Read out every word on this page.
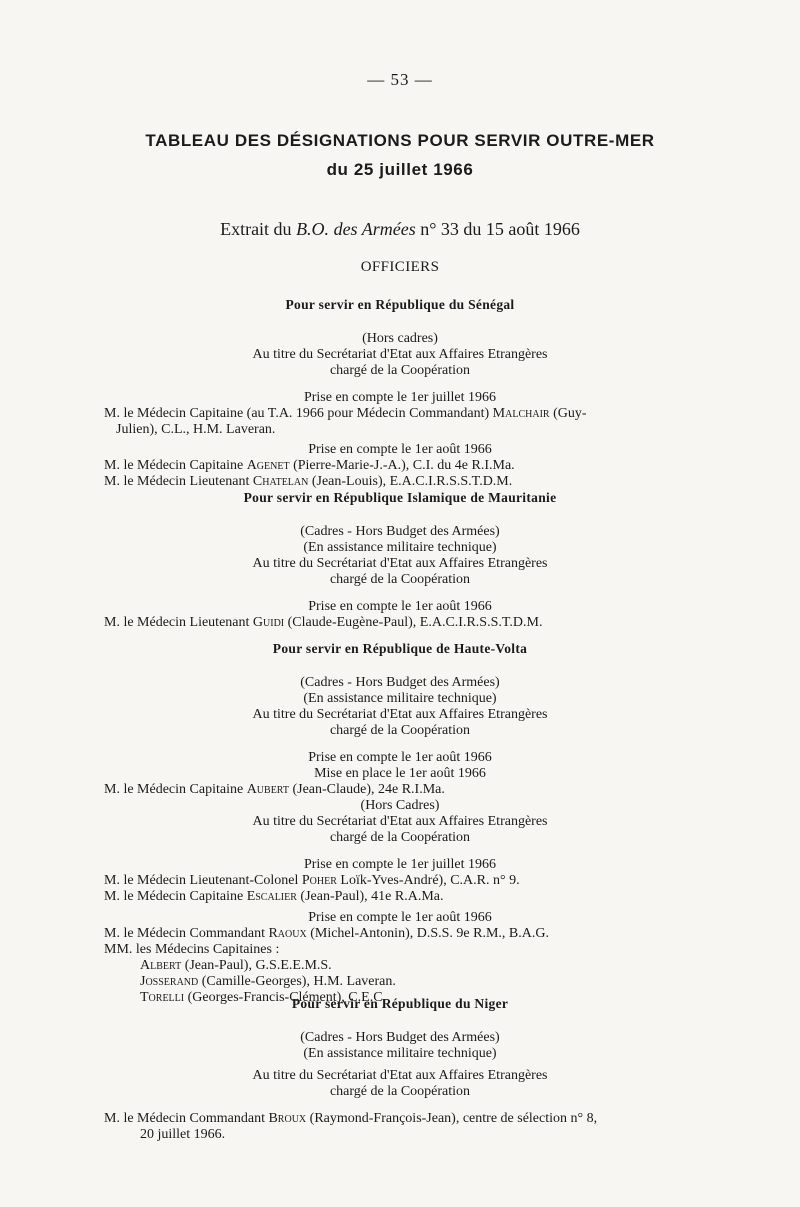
— 53 —
TABLEAU DES DÉSIGNATIONS POUR SERVIR OUTRE-MER
du 25 juillet 1966
Extrait du B.O. des Armées n° 33 du 15 août 1966
OFFICIERS
Pour servir en République du Sénégal
(Hors cadres)
Au titre du Secrétariat d'Etat aux Affaires Etrangères
chargé de la Coopération
Prise en compte le 1er juillet 1966
M. le Médecin Capitaine (au T.A. 1966 pour Médecin Commandant) Malchair (Guy-
Julien), C.L., H.M. Laveran.
Prise en compte le 1er août 1966
M. le Médecin Capitaine Agenet (Pierre-Marie-J.-A.), C.I. du 4e R.I.Ma.
M. le Médecin Lieutenant Chatelan (Jean-Louis), E.A.C.I.R.S.S.T.D.M.
Pour servir en République Islamique de Mauritanie
(Cadres - Hors Budget des Armées)
(En assistance militaire technique)
Au titre du Secrétariat d'Etat aux Affaires Etrangères
chargé de la Coopération
Prise en compte le 1er août 1966
M. le Médecin Lieutenant Guidi (Claude-Eugène-Paul), E.A.C.I.R.S.S.T.D.M.
Pour servir en République de Haute-Volta
(Cadres - Hors Budget des Armées)
(En assistance militaire technique)
Au titre du Secrétariat d'Etat aux Affaires Etrangères
chargé de la Coopération
Prise en compte le 1er août 1966
Mise en place le 1er août 1966
M. le Médecin Capitaine Aubert (Jean-Claude), 24e R.I.Ma.
(Hors Cadres)
Au titre du Secrétariat d'Etat aux Affaires Etrangères
chargé de la Coopération
Prise en compte le 1er juillet 1966
M. le Médecin Lieutenant-Colonel Poher Loïk-Yves-André), C.A.R. n° 9.
M. le Médecin Capitaine Escalier (Jean-Paul), 41e R.A.Ma.
Prise en compte le 1er août 1966
M. le Médecin Commandant Raoux (Michel-Antonin), D.S.S. 9e R.M., B.A.G.
MM. les Médecins Capitaines :
Albert (Jean-Paul), G.S.E.E.M.S.
Josserand (Camille-Georges), H.M. Laveran.
Torelli (Georges-Francis-Clément), C.E.C.
Pour servir en République du Niger
(Cadres - Hors Budget des Armées)
(En assistance militaire technique)
Au titre du Secrétariat d'Etat aux Affaires Etrangères
chargé de la Coopération
M. le Médecin Commandant Broux (Raymond-François-Jean), centre de sélection n° 8,
20 juillet 1966.
